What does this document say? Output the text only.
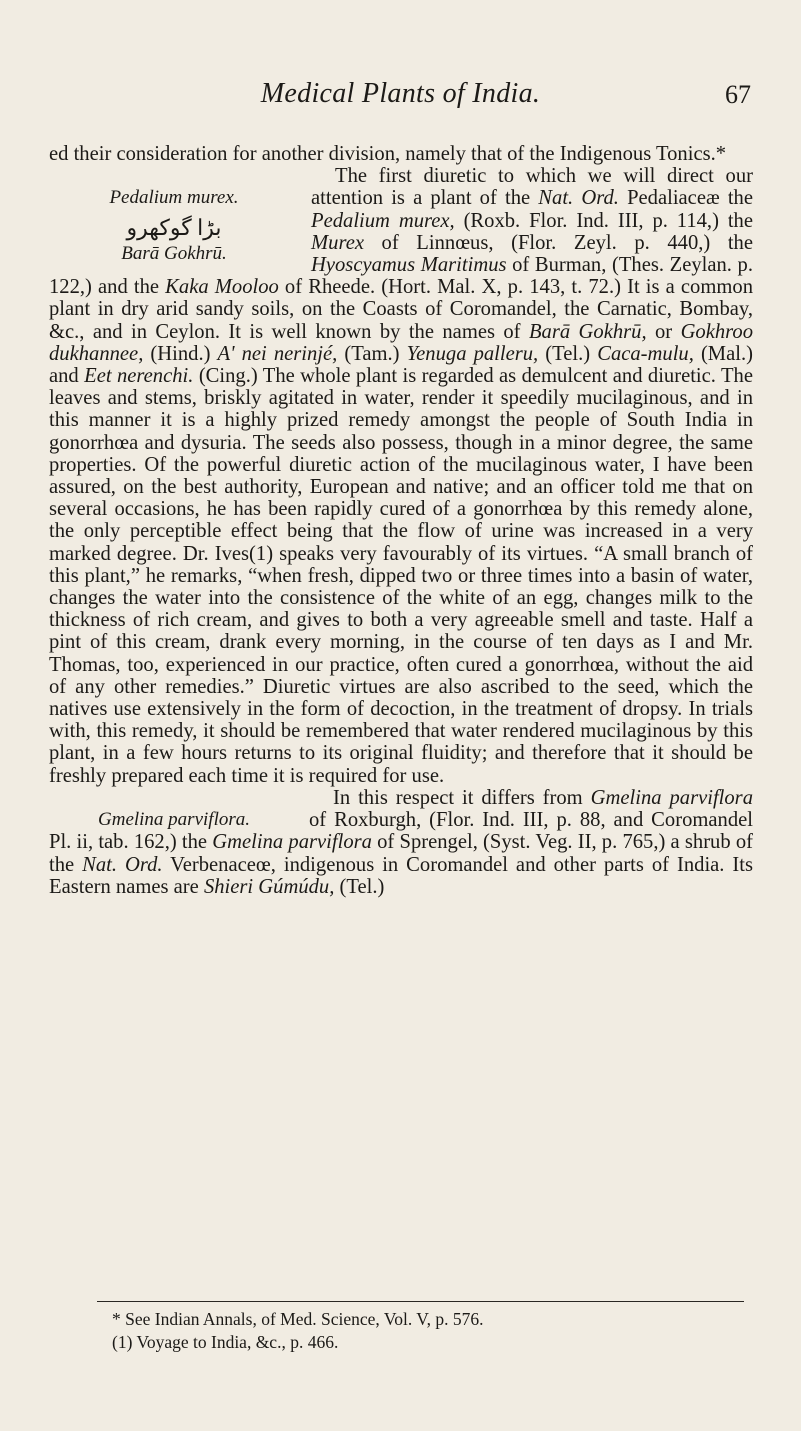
Medical Plants of India.	67

ed their consideration for another division, namely that of the Indigenous Tonics.*

Pedalium murex.
ﺑﮍﺍ ﮔﻮﻛﮭﺮﻭ
Barā Gokhrū.

The first diuretic to which we will direct our attention is a plant of the Nat. Ord. Pedaliaceæ the Pedalium murex, (Roxb. Flor. Ind. III, p. 114,) the Murex of Linnœus, (Flor. Zeyl. p. 440,) the Hyoscyamus Maritimus of Burman, (Thes. Zeylan. p. 122,) and the Kaka Mooloo of Rheede. (Hort. Mal. X, p. 143, t. 72.) It is a common plant in dry arid sandy soils, on the Coasts of Coromandel, the Carnatic, Bombay, &c., and in Ceylon. It is well known by the names of Barā Gokhrū, or Gokhroo dukhannee, (Hind.) A' nei nerinjé, (Tam.) Yenuga palleru, (Tel.) Caca-mulu, (Mal.) and Eet nerenchi. (Cing.) The whole plant is regarded as demulcent and diuretic. The leaves and stems, briskly agitated in water, render it speedily mucilaginous, and in this manner it is a highly prized remedy amongst the people of South India in gonorrhœa and dysuria. The seeds also possess, though in a minor degree, the same properties. Of the powerful diuretic action of the mucilaginous water, I have been assured, on the best authority, European and native; and an officer told me that on several occasions, he has been rapidly cured of a gonorrhœa by this remedy alone, the only perceptible effect being that the flow of urine was increased in a very marked degree. Dr. Ives(1) speaks very favourably of its virtues. “A small branch of this plant,” he remarks, “when fresh, dipped two or three times into a basin of water, changes the water into the consistence of the white of an egg, changes milk to the thickness of rich cream, and gives to both a very agreeable smell and taste. Half a pint of this cream, drank every morning, in the course of ten days as I and Mr. Thomas, too, experienced in our practice, often cured a gonorrhœa, without the aid of any other remedies.” Diuretic virtues are also ascribed to the seed, which the natives use extensively in the form of decoction, in the treatment of dropsy. In trials with, this remedy, it should be remembered that water rendered mucilaginous by this plant, in a few hours returns to its original fluidity; and therefore that it should be freshly prepared each time it is required for use.

Gmelina parviflora.

In this respect it differs from Gmelina parviflora of Roxburgh, (Flor. Ind. III, p. 88, and Coromandel Pl. ii, tab. 162,) the Gmelina parviflora of Sprengel, (Syst. Veg. II, p. 765,) a shrub of the Nat. Ord. Verbenaceœ, indigenous in Coromandel and other parts of India. Its Eastern names are Shieri Gúmúdu, (Tel.)

* See Indian Annals, of Med. Science, Vol. V, p. 576.

(1) Voyage to India, &c., p. 466.
